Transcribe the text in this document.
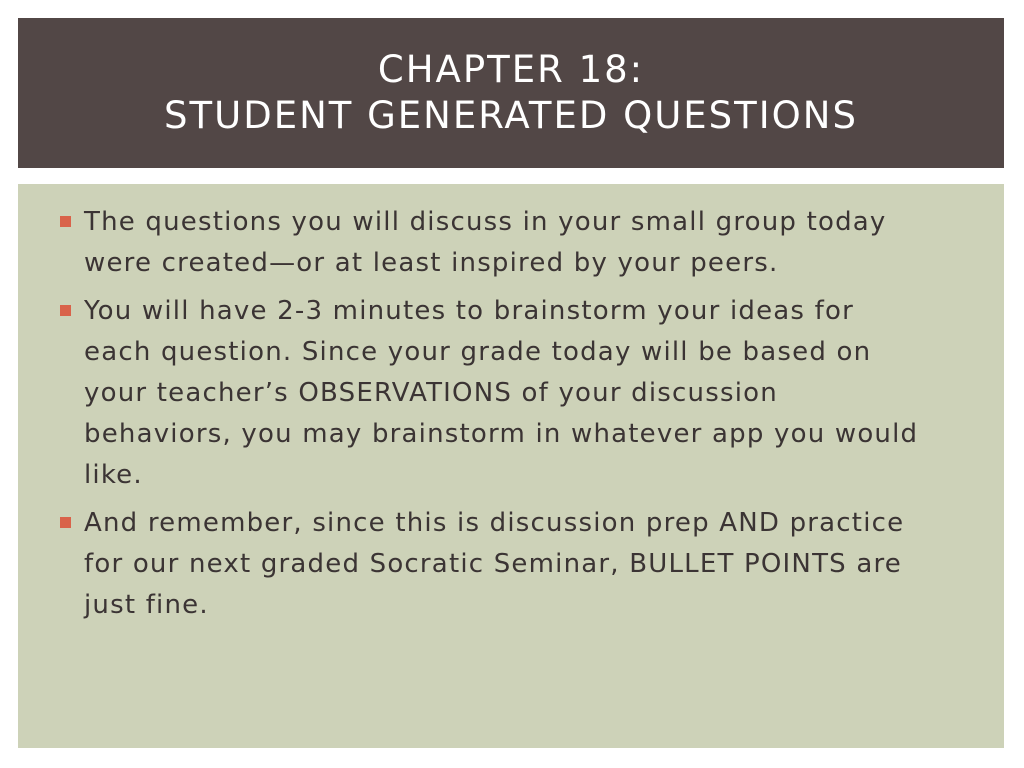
CHAPTER 18:
STUDENT GENERATED QUESTIONS
The questions you will discuss in your small group today were created—or at least inspired by your peers.
You will have 2-3 minutes to brainstorm your ideas for each question. Since your grade today will be based on your teacher’s OBSERVATIONS of your discussion behaviors, you may brainstorm in whatever app you would like.
And remember, since this is discussion prep AND practice for our next graded Socratic Seminar, BULLET POINTS are just fine.
